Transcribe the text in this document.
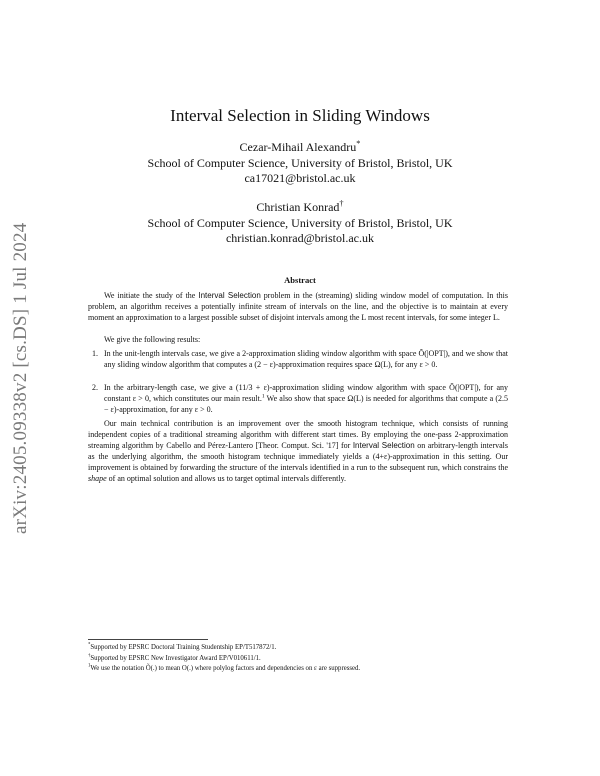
arXiv:2405.09338v2 [cs.DS] 1 Jul 2024
Interval Selection in Sliding Windows
Cezar-Mihail Alexandru*
School of Computer Science, University of Bristol, Bristol, UK
ca17021@bristol.ac.uk
Christian Konrad†
School of Computer Science, University of Bristol, Bristol, UK
christian.konrad@bristol.ac.uk
Abstract
We initiate the study of the Interval Selection problem in the (streaming) sliding window model of computation. In this problem, an algorithm receives a potentially infinite stream of intervals on the line, and the objective is to maintain at every moment an approximation to a largest possible subset of disjoint intervals among the L most recent intervals, for some integer L.
We give the following results:
1. In the unit-length intervals case, we give a 2-approximation sliding window algorithm with space Õ(|OPT|), and we show that any sliding window algorithm that computes a (2 − ε)-approximation requires space Ω(L), for any ε > 0.
2. In the arbitrary-length case, we give a (11/3 + ε)-approximation sliding window algorithm with space Õ(|OPT|), for any constant ε > 0, which constitutes our main result.$^1$ We also show that space Ω(L) is needed for algorithms that compute a (2.5 − ε)-approximation, for any ε > 0.
Our main technical contribution is an improvement over the smooth histogram technique, which consists of running independent copies of a traditional streaming algorithm with different start times. By employing the one-pass 2-approximation streaming algorithm by Cabello and Pérez-Lantero [Theor. Comput. Sci. '17] for Interval Selection on arbitrary-length intervals as the underlying algorithm, the smooth histogram technique immediately yields a (4+ε)-approximation in this setting. Our improvement is obtained by forwarding the structure of the intervals identified in a run to the subsequent run, which constrains the shape of an optimal solution and allows us to target optimal intervals differently.
*Supported by EPSRC Doctoral Training Studentship EP/T517872/1.
†Supported by EPSRC New Investigator Award EP/V010611/1.
$^1$We use the notation Õ(.) to mean O(.) where polylog factors and dependencies on ε are suppressed.
